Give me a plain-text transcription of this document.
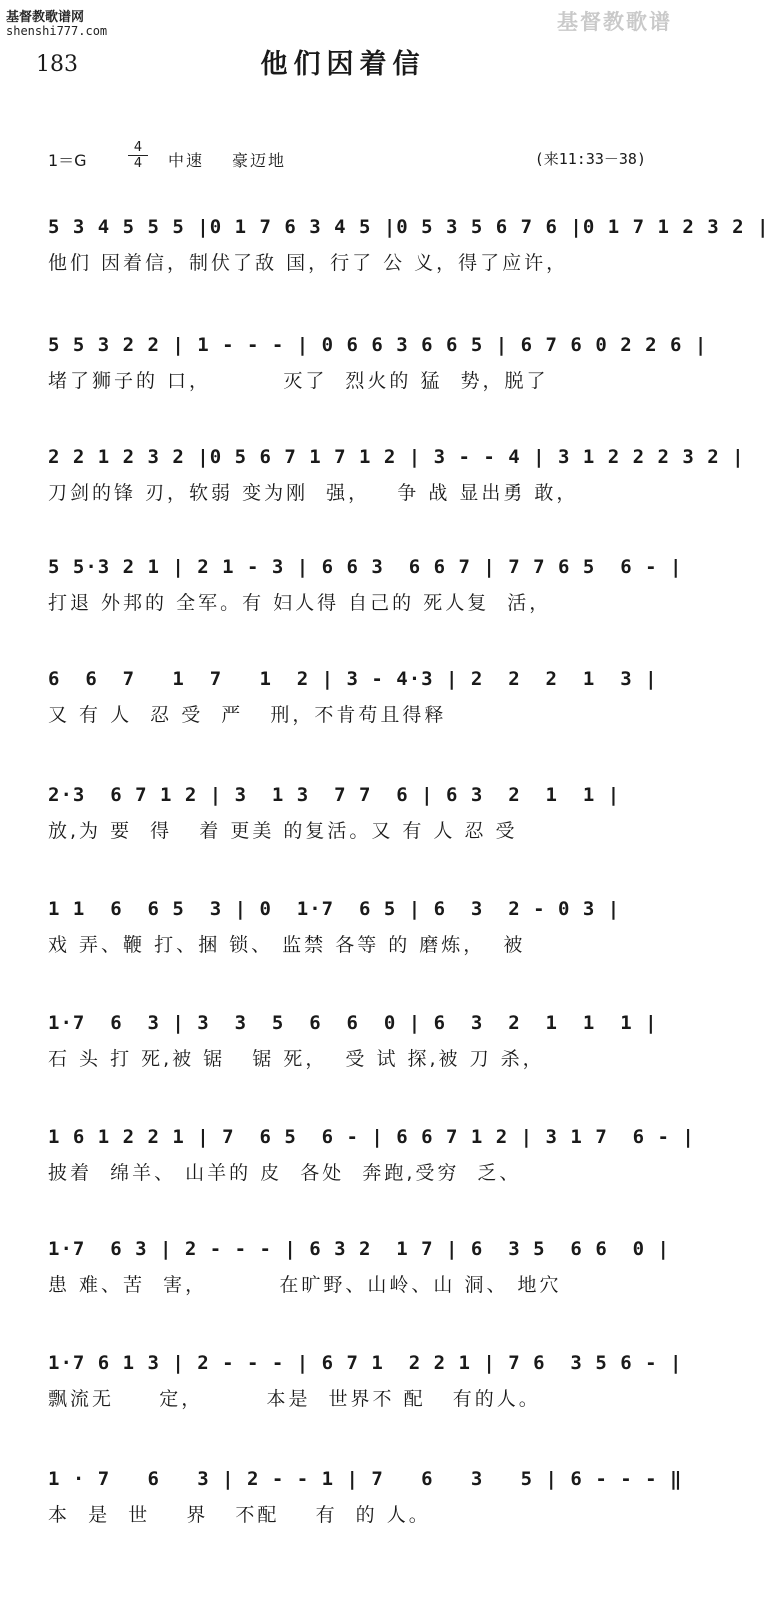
基督教歌谱网
shenshi777.com	基督教歌谱
183	他们因着信
1＝G
4
4	中速 豪迈地	(来11:33－38)
5 3 4 5 5 5 |0 1 7 6 3 4 5 |0 5 3 5 6 7 6 |0 1 7 1 2 3 2 |
他们 因着信，制伏了敌 国，行了 公 义，得了应许，
5 5 3 2 2 | 1 - - - | 0 6 6 3 6 6 5 | 6 7 6 0 2 2 6 |
堵了狮子的 口，        灭了  烈火的 猛  势，脱了
2 2 1 2 3 2 |0 5 6 7 1 7 1 2 | 3 - - 4 | 3 1 2 2 2 3 2 |
刀剑的锋 刃，软弱 变为刚  强，   争 战 显出勇 敢，
5 5·3 2 1 | 2 1 - 3 | 6 6 3  6 6 7 | 7 7 6 5  6 - |
打退 外邦的 全军。有 妇人得 自己的 死人复  活，
6  6  7   1  7   1  2 | 3 - 4·3 | 2  2  2  1  3 |
又 有 人  忍 受  严   刑，不肯苟且得释
2·3  6 7 1 2 | 3  1 3  7 7  6 | 6 3  2  1  1 |
放,为 要  得   着 更美 的复活。又 有 人 忍 受
1 1  6  6 5  3 | 0  1·7  6 5 | 6  3  2 - 0 3 |
戏 弄、鞭 打、捆 锁、 监禁 各等 的 磨炼，  被
1·7  6  3 | 3  3  5  6  6  0 | 6  3  2  1  1  1 |
石 头 打 死,被 锯   锯 死，  受 试 探,被 刀 杀，
1 6 1 2 2 1 | 7  6 5  6 - | 6 6 7 1 2 | 3 1 7  6 - |
披着  绵羊、 山羊的 皮  各处  奔跑,受穷  乏、
1·7  6 3 | 2 - - - | 6 3 2  1 7 | 6  3 5  6 6  0 |
患 难、苦  害，        在旷野、山岭、山 洞、 地穴
1·7 6 1 3 | 2 - - - | 6 7 1  2 2 1 | 7 6  3 5 6 - |
飘流无     定，       本是  世界不 配   有的人。
1 · 7   6   3 | 2 - - 1 | 7   6   3   5 | 6 - - - ‖
本  是  世    界   不配    有  的 人。
